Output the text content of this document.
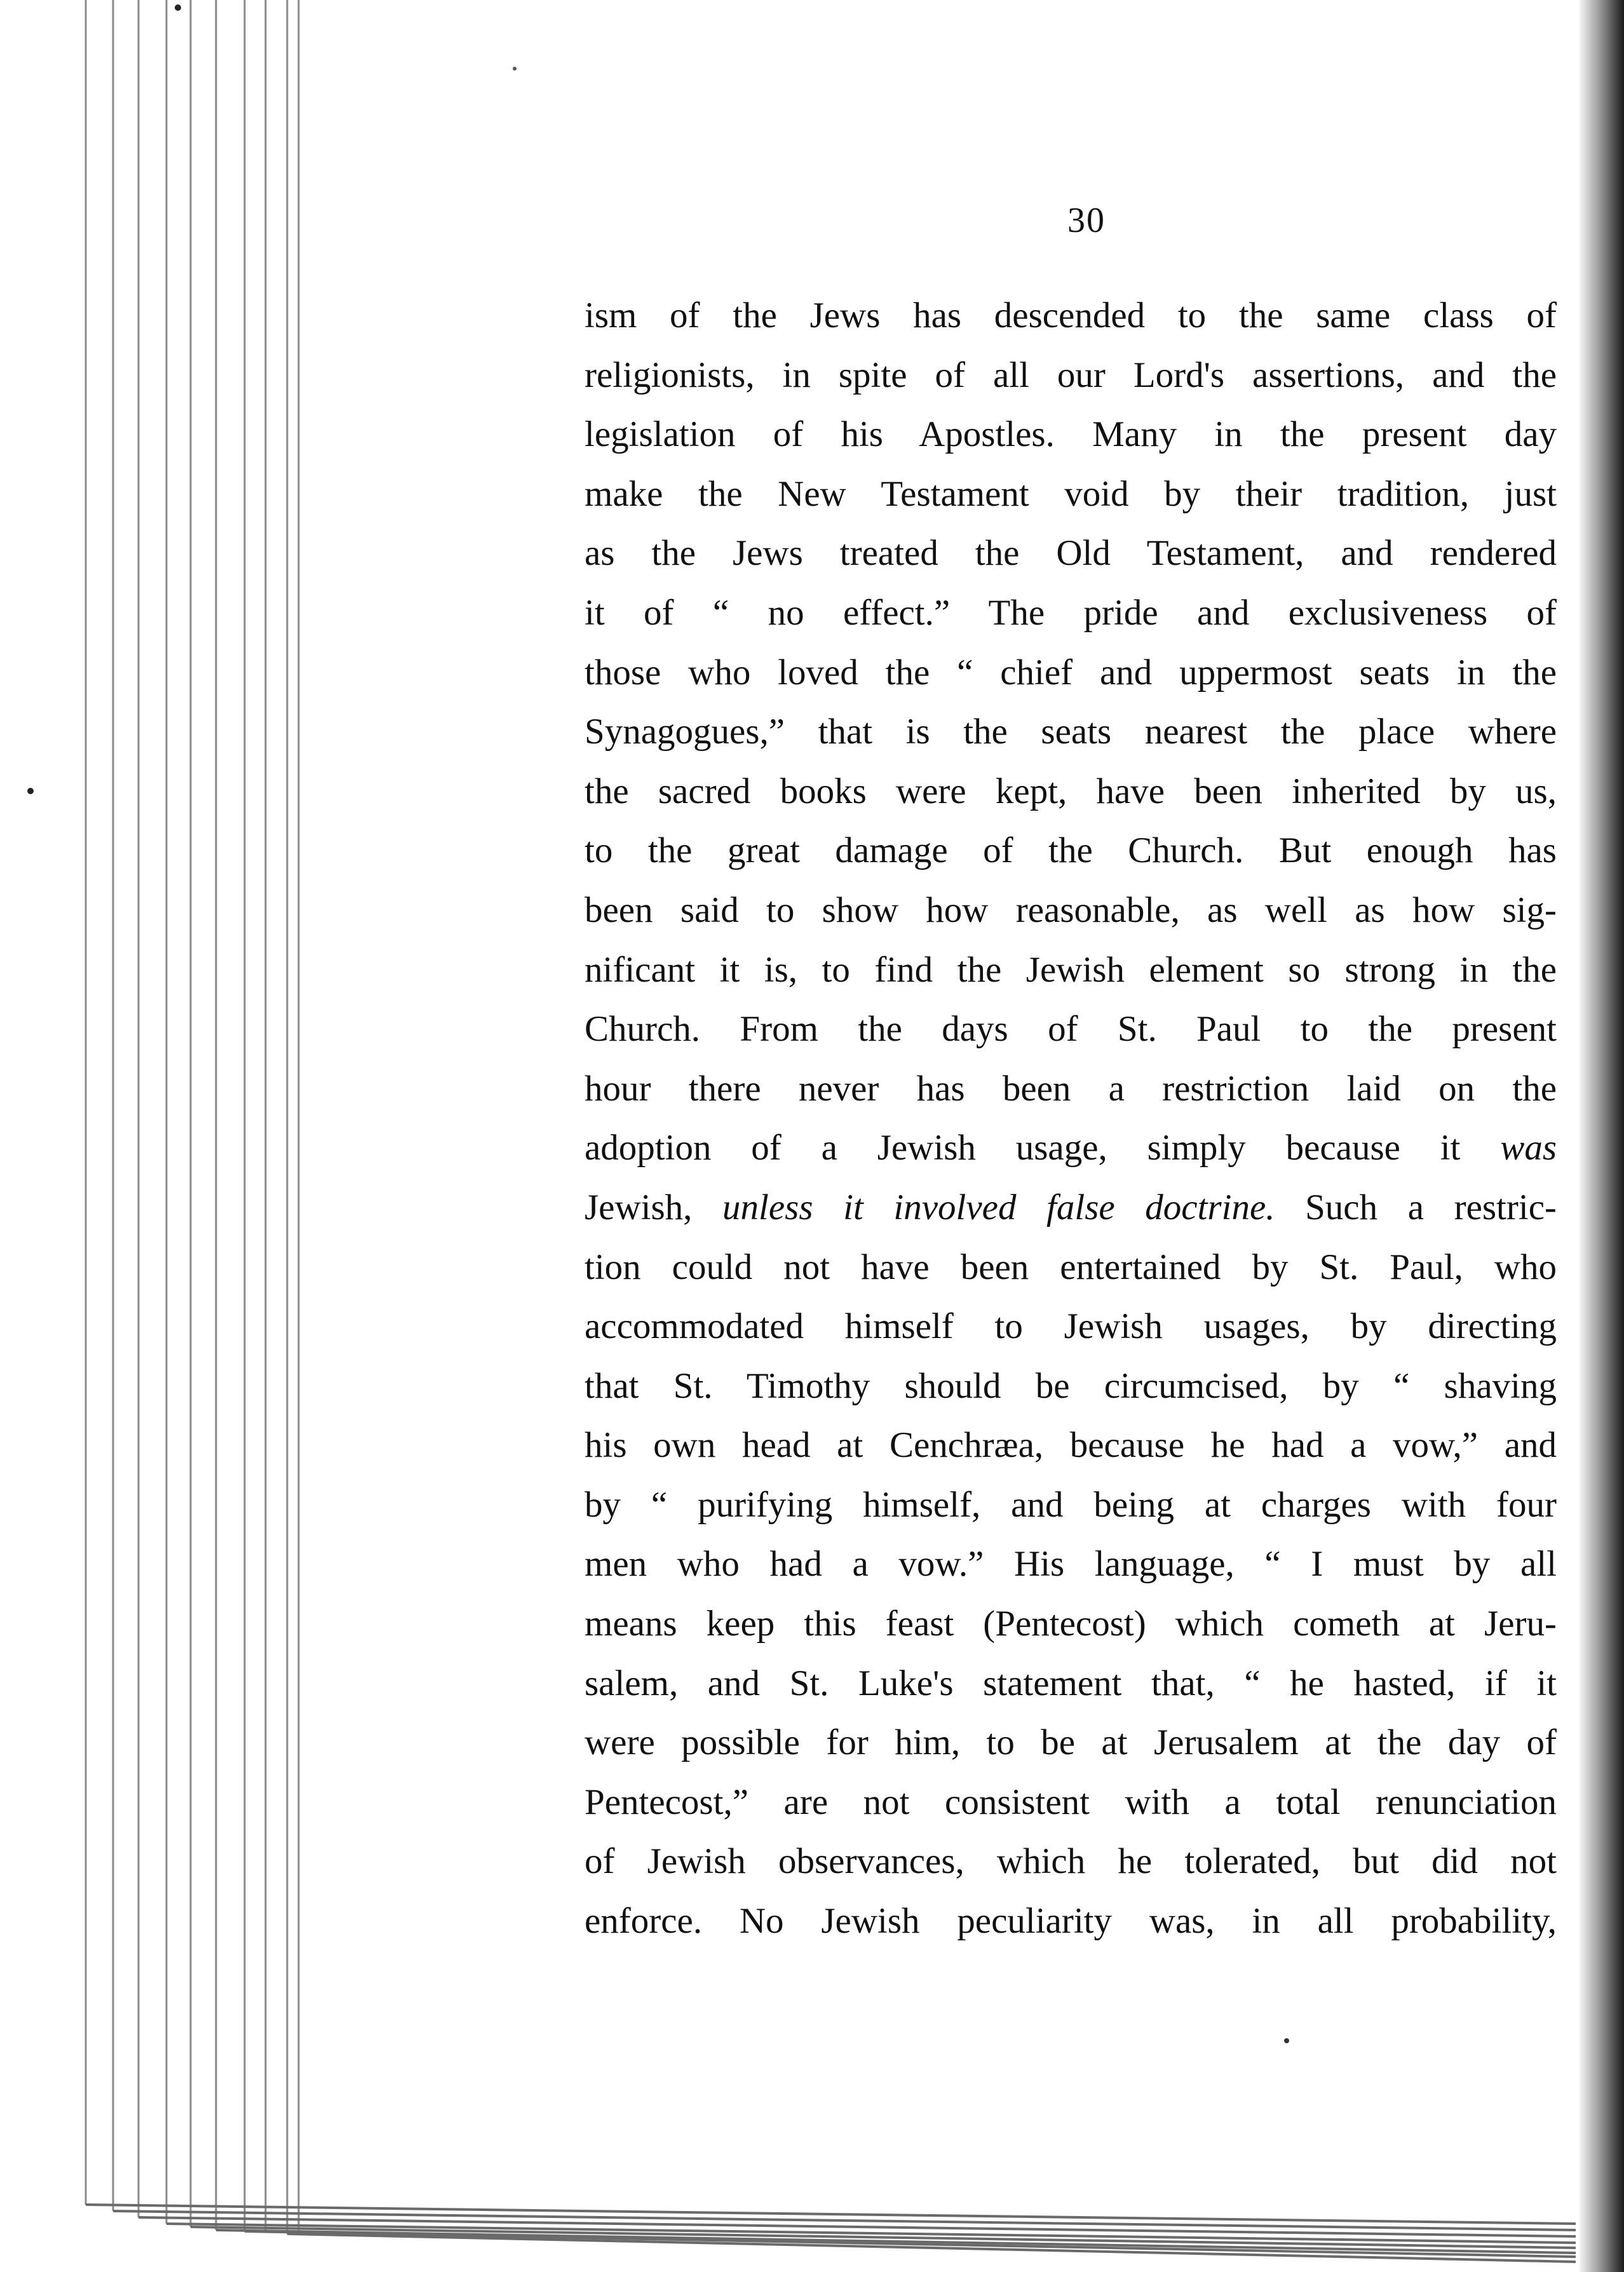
30
ism of the Jews has descended to the same class of
religionists, in spite of all our Lord's assertions, and the
legislation of his Apostles. Many in the present day
make the New Testament void by their tradition, just
as the Jews treated the Old Testament, and rendered
it of “ no effect.” The pride and exclusiveness of
those who loved the “ chief and uppermost seats in the
Synagogues,” that is the seats nearest the place where
the sacred books were kept, have been inherited by us,
to the great damage of the Church. But enough has
been said to show how reasonable, as well as how sig-
nificant it is, to find the Jewish element so strong in the
Church. From the days of St. Paul to the present
hour there never has been a restriction laid on the
adoption of a Jewish usage, simply because it was
Jewish, unless it involved false doctrine. Such a restric-
tion could not have been entertained by St. Paul, who
accommodated himself to Jewish usages, by directing
that St. Timothy should be circumcised, by “ shaving
his own head at Cenchræa, because he had a vow,” and
by “ purifying himself, and being at charges with four
men who had a vow.” His language, “ I must by all
means keep this feast (Pentecost) which cometh at Jeru-
salem, and St. Luke's statement that, “ he hasted, if it
were possible for him, to be at Jerusalem at the day of
Pentecost,” are not consistent with a total renunciation
of Jewish observances, which he tolerated, but did not
enforce. No Jewish peculiarity was, in all probability,
